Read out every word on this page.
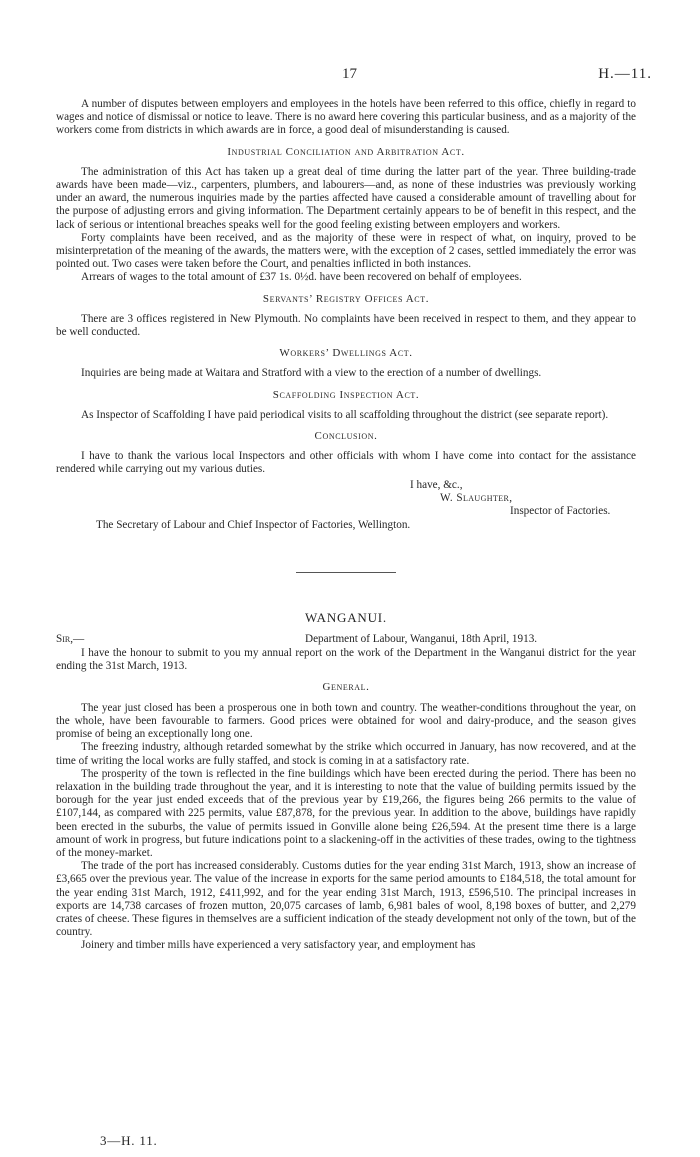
17	H.—11.

A number of disputes between employers and employees in the hotels have been referred to this office, chiefly in regard to wages and notice of dismissal or notice to leave. There is no award here covering this particular business, and as a majority of the workers come from districts in which awards are in force, a good deal of misunderstanding is caused.

Industrial Conciliation and Arbitration Act.

The administration of this Act has taken up a great deal of time during the latter part of the year. Three building-trade awards have been made—viz., carpenters, plumbers, and labourers—and, as none of these industries was previously working under an award, the numerous inquiries made by the parties affected have caused a considerable amount of travelling about for the purpose of adjusting errors and giving information. The Department certainly appears to be of benefit in this respect, and the lack of serious or intentional breaches speaks well for the good feeling existing between employers and workers.

Forty complaints have been received, and as the majority of these were in respect of what, on inquiry, proved to be misinterpretation of the meaning of the awards, the matters were, with the exception of 2 cases, settled immediately the error was pointed out. Two cases were taken before the Court, and penalties inflicted in both instances.

Arrears of wages to the total amount of £37 1s. 0½d. have been recovered on behalf of employees.

Servants’ Registry Offices Act.

There are 3 offices registered in New Plymouth. No complaints have been received in respect to them, and they appear to be well conducted.

Workers’ Dwellings Act.

Inquiries are being made at Waitara and Stratford with a view to the erection of a number of dwellings.

Scaffolding Inspection Act.

As Inspector of Scaffolding I have paid periodical visits to all scaffolding throughout the district (see separate report).

Conclusion.

I have to thank the various local Inspectors and other officials with whom I have come into contact for the assistance rendered while carrying out my various duties.

I have, &c.,
W. Slaughter,
Inspector of Factories.
The Secretary of Labour and Chief Inspector of Factories, Wellington.
WANGANUI.
Sir,—	Department of Labour, Wanganui, 18th April, 1913.

I have the honour to submit to you my annual report on the work of the Department in the Wanganui district for the year ending the 31st March, 1913.

General.

The year just closed has been a prosperous one in both town and country. The weather-conditions throughout the year, on the whole, have been favourable to farmers. Good prices were obtained for wool and dairy-produce, and the season gives promise of being an exceptionally long one.

The freezing industry, although retarded somewhat by the strike which occurred in January, has now recovered, and at the time of writing the local works are fully staffed, and stock is coming in at a satisfactory rate.

The prosperity of the town is reflected in the fine buildings which have been erected during the period. There has been no relaxation in the building trade throughout the year, and it is interesting to note that the value of building permits issued by the borough for the year just ended exceeds that of the previous year by £19,266, the figures being 266 permits to the value of £107,144, as compared with 225 permits, value £87,878, for the previous year. In addition to the above, buildings have rapidly been erected in the suburbs, the value of permits issued in Gonville alone being £26,594. At the present time there is a large amount of work in progress, but future indications point to a slackening-off in the activities of these trades, owing to the tightness of the money-market.

The trade of the port has increased considerably. Customs duties for the year ending 31st March, 1913, show an increase of £3,665 over the previous year. The value of the increase in exports for the same period amounts to £184,518, the total amount for the year ending 31st March, 1912, £411,992, and for the year ending 31st March, 1913, £596,510. The principal increases in exports are 14,738 carcases of frozen mutton, 20,075 carcases of lamb, 6,981 bales of wool, 8,198 boxes of butter, and 2,279 crates of cheese. These figures in themselves are a sufficient indication of the steady development not only of the town, but of the country.

Joinery and timber mills have experienced a very satisfactory year, and employment has

3—H. 11.
